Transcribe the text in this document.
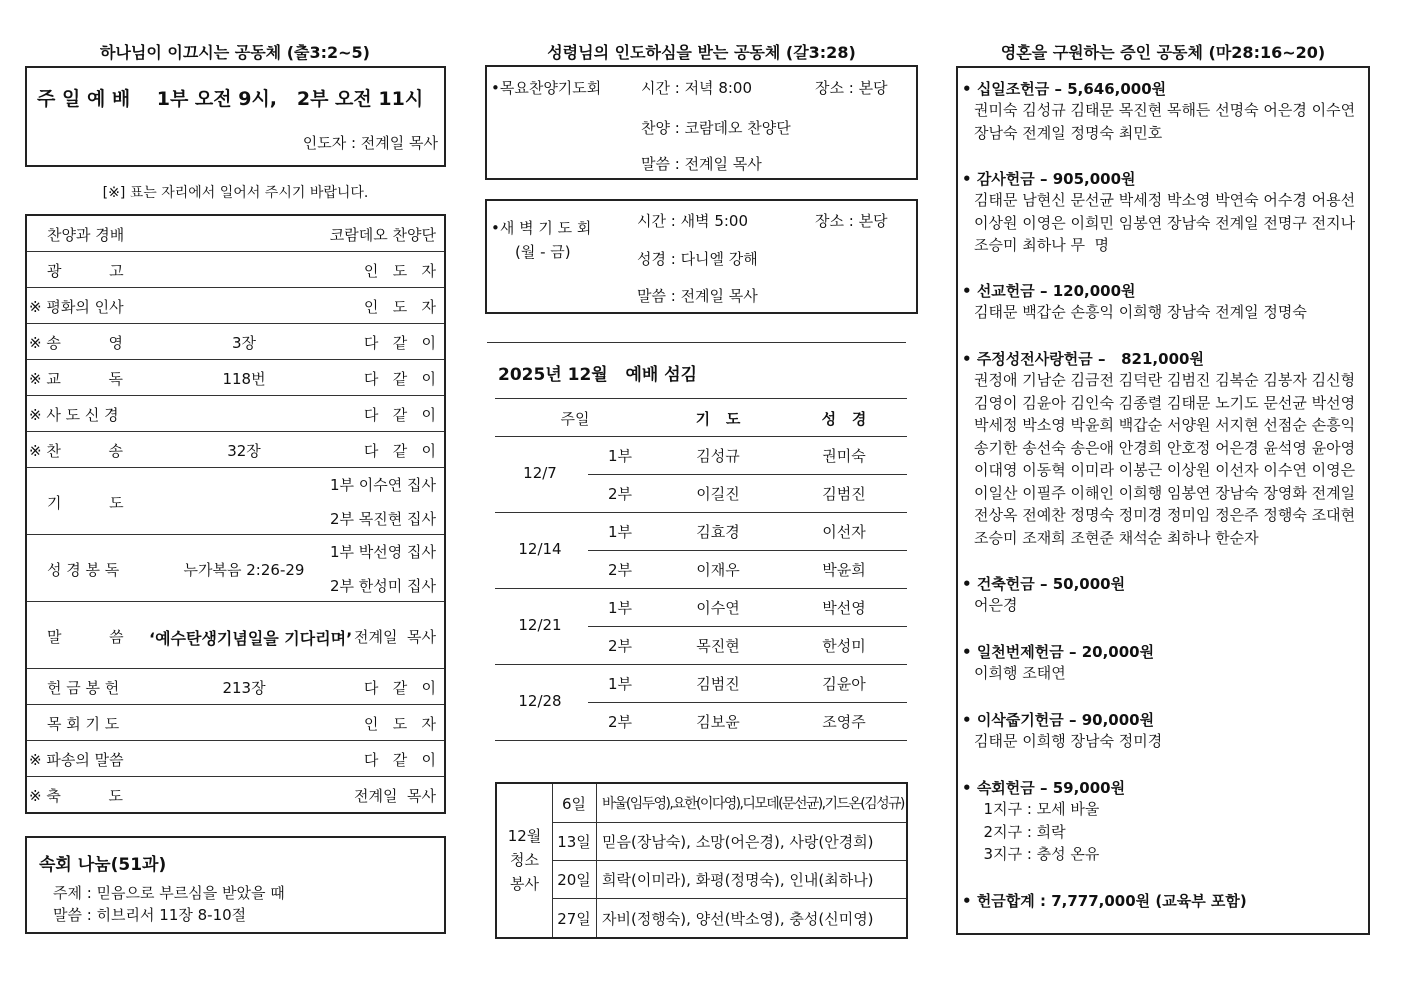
하나님이 이끄시는 공동체 (출3:2~5)
주 일 예 배    1부 오전 9시,   2부 오전 11시
인도자 : 전계일 목사
[※] 표는 자리에서 일어서 주시기 바랍니다.
찬양과 경배	코람데오 찬양단
광          고	인   도   자
※ 평화의 인사	인   도   자
※ 송          영	3장	다   같   이
※ 교          독	118번	다   같   이
※ 사 도 신 경	다   같   이
※ 찬          송	32장	다   같   이
기          도
1부 이수연 집사
2부 목진현 집사
성 경 봉 독	누가복음 2:26-29
1부 박선영 집사
2부 한성미 집사
말          씀 ‘예수탄생기념일을 기다리며’ 전계일  목사
헌 금 봉 헌	213장	다   같   이
목 회 기 도	인   도   자
※ 파송의 말씀	다   같   이
※ 축          도	전계일  목사
속회 나눔(51과)
주제 : 믿음으로 부르심을 받았을 때
말씀 : 히브리서 11장 8-10절
성령님의 인도하심을 받는 공동체 (갈3:28)
•목요찬양기도회	시간 : 저녁 8:00	장소 : 본당
찬양 : 코람데오 찬양단
말씀 : 전계일 목사
•새 벽 기 도 회
(월 - 금)
시간 : 새벽 5:00	장소 : 본당
성경 : 다니엘 강해
말씀 : 전계일 목사
2025년 12월   예배 섬김
주일	기   도	성   경
12/7
1부	김성규	권미숙
2부	이길진	김범진
12/14
1부	김효경	이선자
2부	이재우	박윤희
12/21
1부	이수연	박선영
2부	목진현	한성미
12/28
1부	김범진	김윤아
2부	김보윤	조영주
12월
청소
봉사
6일	바울(임두영),요한(이다영),디모데(문선균),기드온(김성규)
13일 믿음(장남숙), 소망(어은경), 사랑(안경희)
20일 희락(이미라), 화평(정명숙), 인내(최하나)
27일 자비(정행숙), 양선(박소영), 충성(신미영)
영혼을 구원하는 증인 공동체 (마28:16~20)
• 십일조헌금 – 5,646,000원
권미숙 김성규 김태문 목진현 목해든 선명숙 어은경 이수연
장남숙 전계일 정명숙 최민호
• 감사헌금 – 905,000원
김태문 남현신 문선균 박세정 박소영 박연숙 어수경 어용선
이상원 이영은 이희민 임봉연 장남숙 전계일 전명구 전지나
조승미 최하나 무  명
• 선교헌금 – 120,000원
김태문 백갑순 손흥익 이희행 장남숙 전계일 정명숙
• 주정성전사랑헌금 –   821,000원
권정애 기남순 김금전 김덕란 김범진 김복순 김봉자 김신형
김영이 김윤아 김인숙 김종렬 김태문 노기도 문선균 박선영
박세정 박소영 박윤희 백갑순 서양원 서지현 선점순 손흥익
송기한 송선숙 송은애 안경희 안호정 어은경 윤석영 윤아영
이대영 이동혁 이미라 이봉근 이상원 이선자 이수연 이영은
이일산 이필주 이해인 이희행 임봉연 장남숙 장영화 전계일
전상옥 전예찬 정명숙 정미경 정미임 정은주 정행숙 조대현
조승미 조재희 조현준 채석순 최하나 한순자
• 건축헌금 – 50,000원
어은경
• 일천번제헌금 – 20,000원
이희행 조태연
• 이삭줍기헌금 – 90,000원
김태문 이희행 장남숙 정미경
• 속회헌금 – 59,000원
1지구 : 모세 바울
2지구 : 희락
3지구 : 충성 온유
• 헌금합계 : 7,777,000원 (교육부 포함)
